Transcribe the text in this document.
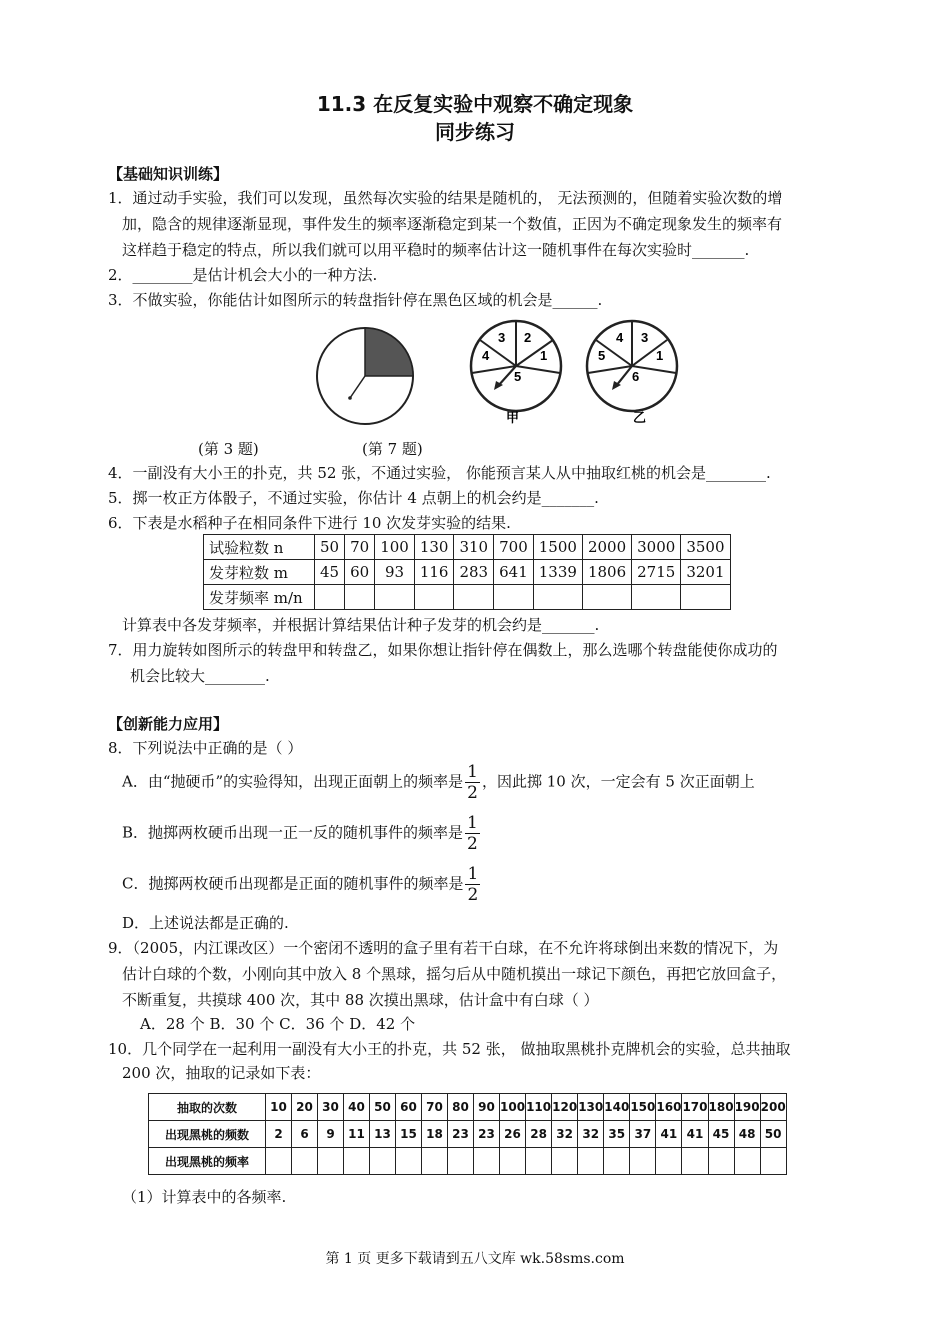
11.3 在反复实验中观察不确定现象
同步练习
【基础知识训练】
1．通过动手实验，我们可以发现，虽然每次实验的结果是随机的， 无法预测的，但随着实验次数的增
加，隐含的规律逐渐显现，事件发生的频率逐渐稳定到某一个数值，正因为不确定现象发生的频率有
这样趋于稳定的特点，所以我们就可以用平稳时的频率估计这一随机事件在每次实验时_______.
2．________是估计机会大小的一种方法.
3．不做实验，你能估计如图所示的转盘指针停在黑色区域的机会是______.
2
3
1
4
5
甲
3
4
1
5
6
乙
(第 3 题)	(第 7 题)
4．一副没有大小王的扑克，共 52 张，不通过实验， 你能预言某人从中抽取红桃的机会是________.
5．掷一枚正方体骰子，不通过实验，你估计 4 点朝上的机会约是_______.
6．下表是水稻种子在相同条件下进行 10 次发芽实验的结果.
试验粒数 n	50	70	100	130	310	700	1500	2000	3000	3500
发芽粒数 m	45	60	93	116	283	641	1339	1806	2715	3201
发芽频率 m/n										
计算表中各发芽频率，并根据计算结果估计种子发芽的机会约是_______.
7．用力旋转如图所示的转盘甲和转盘乙，如果你想让指针停在偶数上，那么选哪个转盘能使你成功的
机会比较大________.
【创新能力应用】
8．下列说法中正确的是（ ）
A．由“抛硬币”的实验得知，出现正面朝上的频率是 $\frac{1}{2}$ ，因此掷 10 次，一定会有 5 次正面朝上
B．抛掷两枚硬币出现一正一反的随机事件的频率是 $\frac{1}{2}$
C．抛掷两枚硬币出现都是正面的随机事件的频率是 $\frac{1}{2}$
D．上述说法都是正确的.
9．（2005，内江课改区）一个密闭不透明的盒子里有若干白球，在不允许将球倒出来数的情况下，为
估计白球的个数，小刚向其中放入 8 个黑球，摇匀后从中随机摸出一球记下颜色，再把它放回盒子，
不断重复，共摸球 400 次，其中 88 次摸出黑球，估计盒中有白球（ ）
A．28 个 B．30 个 C．36 个 D．42 个
10．几个同学在一起利用一副没有大小王的扑克，共 52 张， 做抽取黑桃扑克牌机会的实验，总共抽取
200 次，抽取的记录如下表：
抽取的次数	10	20	30	40	50	60	70	80	90	100	110	120	130	140	150	160	170	180	190	200
出现黑桃的频数	2	6	9	11	13	15	18	23	23	26	28	32	32	35	37	41	41	45	48	50
出现黑桃的频率																				
（1）计算表中的各频率.
第 1 页 更多下载请到五八文库 wk.58sms.com
